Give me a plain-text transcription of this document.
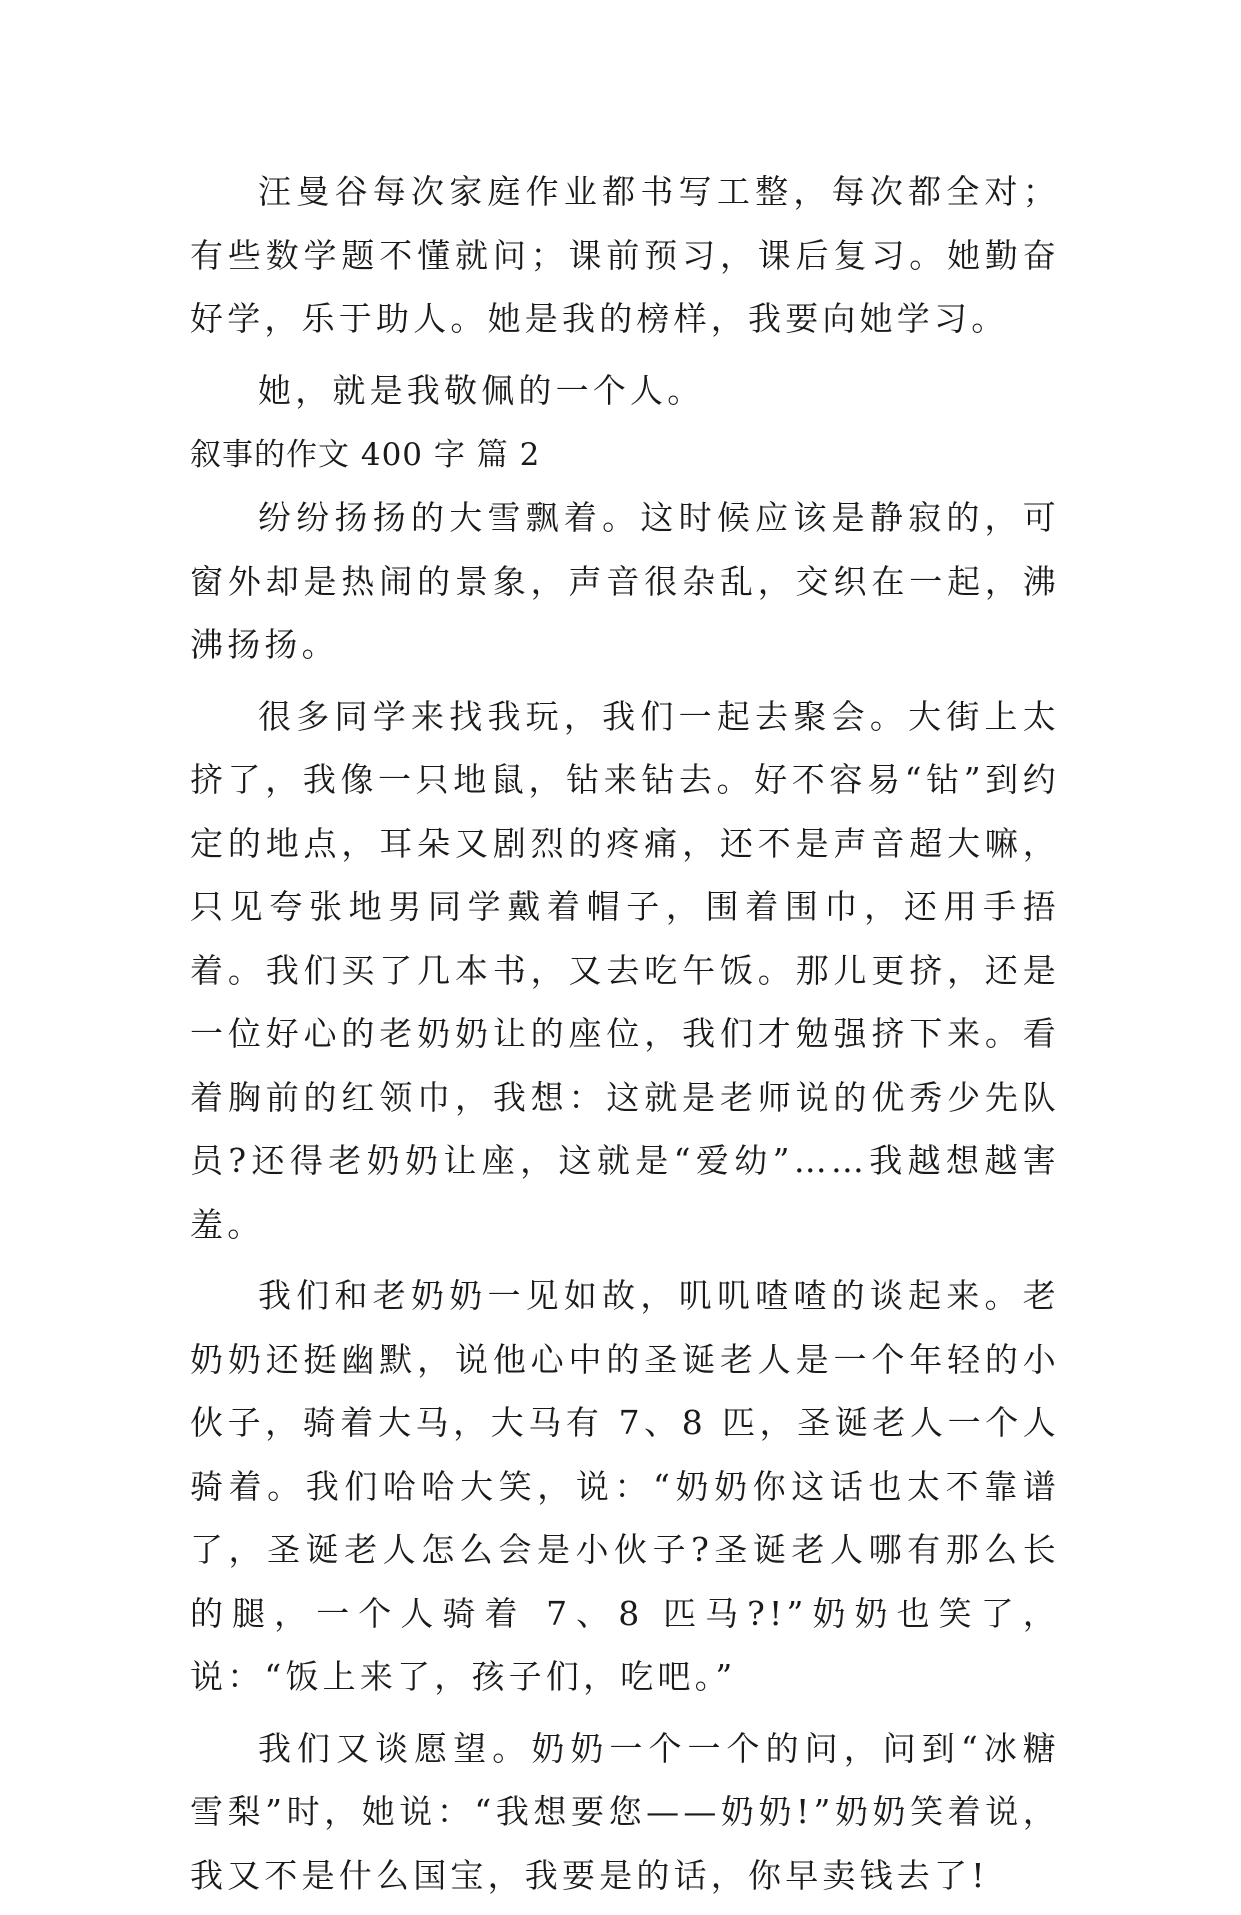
汪曼谷每次家庭作业都书写工整，每次都全对；有些数学题不懂就问；课前预习，课后复习。她勤奋好学，乐于助人。她是我的榜样，我要向她学习。

她，就是我敬佩的一个人。

叙事的作文 400 字 篇 2

纷纷扬扬的大雪飘着。这时候应该是静寂的，可窗外却是热闹的景象，声音很杂乱，交织在一起，沸沸扬扬。

很多同学来找我玩，我们一起去聚会。大街上太挤了，我像一只地鼠，钻来钻去。好不容易“钻”到约定的地点，耳朵又剧烈的疼痛，还不是声音超大嘛，只见夸张地男同学戴着帽子，围着围巾，还用手捂着。我们买了几本书，又去吃午饭。那儿更挤，还是一位好心的老奶奶让的座位，我们才勉强挤下来。看着胸前的红领巾，我想：这就是老师说的优秀少先队员?还得老奶奶让座，这就是“爱幼”……我越想越害羞。

我们和老奶奶一见如故，叽叽喳喳的谈起来。老奶奶还挺幽默，说他心中的圣诞老人是一个年轻的小伙子，骑着大马，大马有 7、8 匹，圣诞老人一个人骑着。我们哈哈大笑，说：“奶奶你这话也太不靠谱了，圣诞老人怎么会是小伙子?圣诞老人哪有那么长的腿，一个人骑着 7、8 匹马?!”奶奶也笑了，说：“饭上来了，孩子们，吃吧。”

我们又谈愿望。奶奶一个一个的问，问到“冰糖雪梨”时，她说：“我想要您——奶奶!”奶奶笑着说，我又不是什么国宝，我要是的话，你早卖钱去了!
